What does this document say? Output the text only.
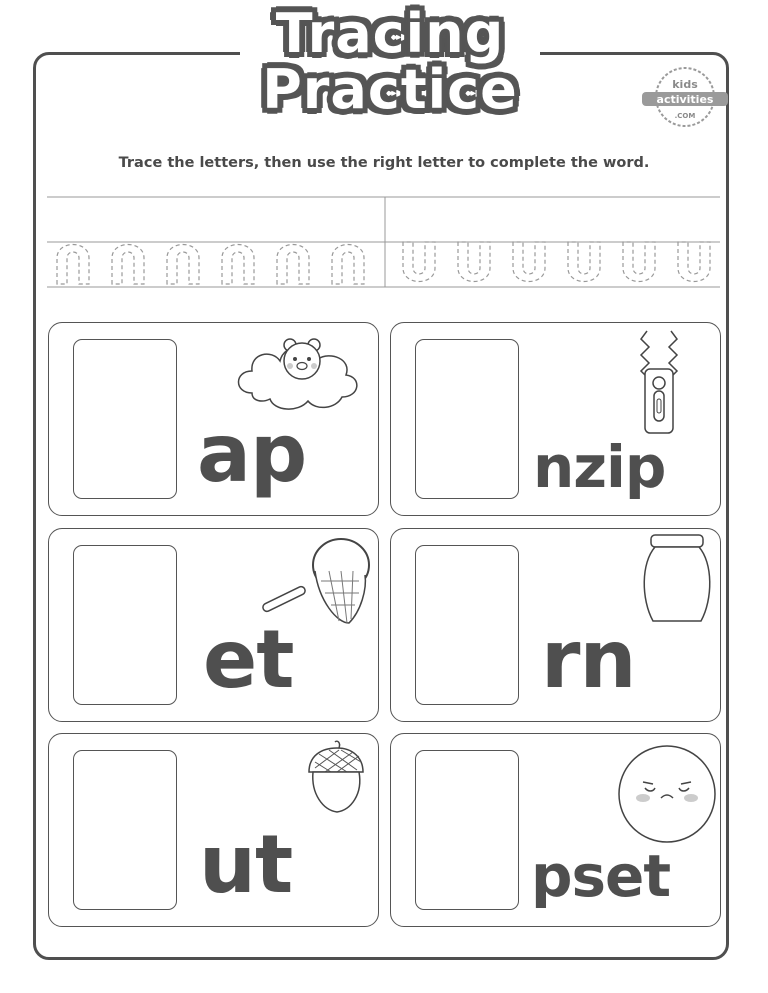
Tracing
Practice	kids
activities
.COM
Trace the letters, then use the right letter to complete the word.
ap	nzip
et	rn
ut	pset
